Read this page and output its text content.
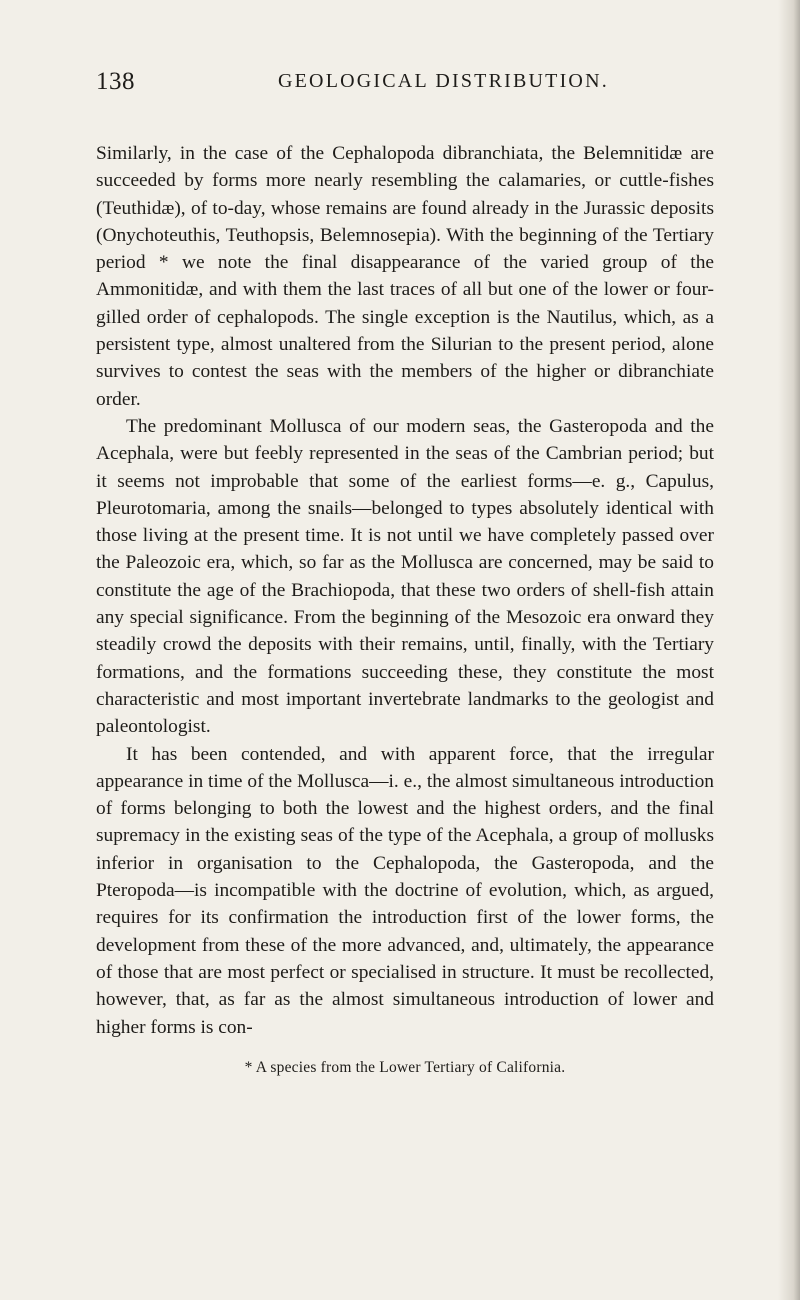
138	GEOLOGICAL DISTRIBUTION.

Similarly, in the case of the Cephalopoda dibranchiata, the Belemnitidæ are succeeded by forms more nearly resembling the calamaries, or cuttle-fishes (Teuthidæ), of to-day, whose remains are found already in the Jurassic deposits (Onychoteuthis, Teuthopsis, Belemnosepia). With the beginning of the Tertiary period * we note the final disappearance of the varied group of the Ammonitidæ, and with them the last traces of all but one of the lower or four-gilled order of cephalopods. The single exception is the Nautilus, which, as a persistent type, almost unaltered from the Silurian to the present period, alone survives to contest the seas with the members of the higher or dibranchiate order.

The predominant Mollusca of our modern seas, the Gasteropoda and the Acephala, were but feebly represented in the seas of the Cambrian period; but it seems not improbable that some of the earliest forms—e. g., Capulus, Pleurotomaria, among the snails—belonged to types absolutely identical with those living at the present time. It is not until we have completely passed over the Paleozoic era, which, so far as the Mollusca are concerned, may be said to constitute the age of the Brachiopoda, that these two orders of shell-fish attain any special significance. From the beginning of the Mesozoic era onward they steadily crowd the deposits with their remains, until, finally, with the Tertiary formations, and the formations succeeding these, they constitute the most characteristic and most important invertebrate landmarks to the geologist and paleontologist.

It has been contended, and with apparent force, that the irregular appearance in time of the Mollusca—i. e., the almost simultaneous introduction of forms belonging to both the lowest and the highest orders, and the final supremacy in the existing seas of the type of the Acephala, a group of mollusks inferior in organisation to the Cephalopoda, the Gasteropoda, and the Pteropoda—is incompatible with the doctrine of evolution, which, as argued, requires for its confirmation the introduction first of the lower forms, the development from these of the more advanced, and, ultimately, the appearance of those that are most perfect or specialised in structure. It must be recollected, however, that, as far as the almost simultaneous introduction of lower and higher forms is con-

* A species from the Lower Tertiary of California.
